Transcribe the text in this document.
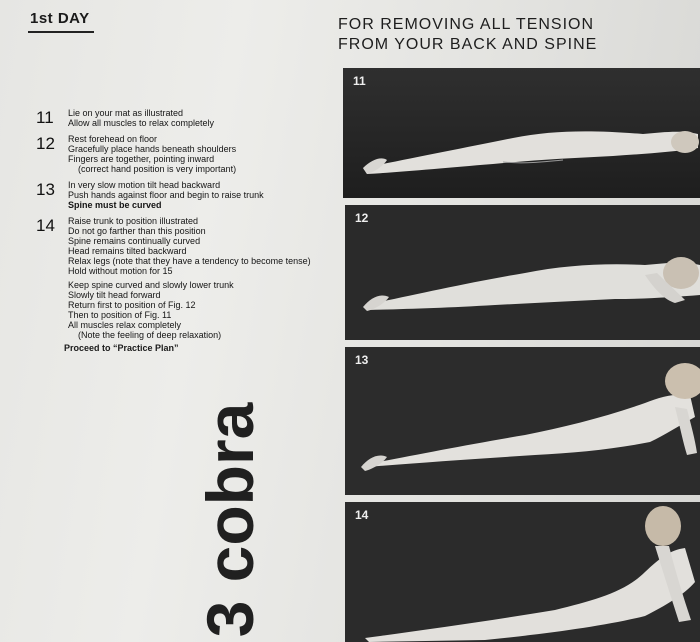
1st DAY	FOR REMOVING ALL TENSION
FROM YOUR BACK AND SPINE
11	Lie on your mat as illustrated
Allow all muscles to relax completely
12	Rest forehead on floor
Gracefully place hands beneath shoulders
Fingers are together, pointing inward
(correct hand position is very important)
13	In very slow motion tilt head backward
Push hands against floor and begin to raise trunk
Spine must be curved
14	Raise trunk to position illustrated
Do not go farther than this position
Spine remains continually curved
Head remains tilted backward
Relax legs (note that they have a tendency to become tense)
Hold without motion for 15
Keep spine curved and slowly lower trunk
Slowly tilt head forward
Return first to position of Fig. 12
Then to position of Fig. 11
All muscles relax completely
(Note the feeling of deep relaxation)
Proceed to “Practice Plan”
3 cobra
11
12
13
14
